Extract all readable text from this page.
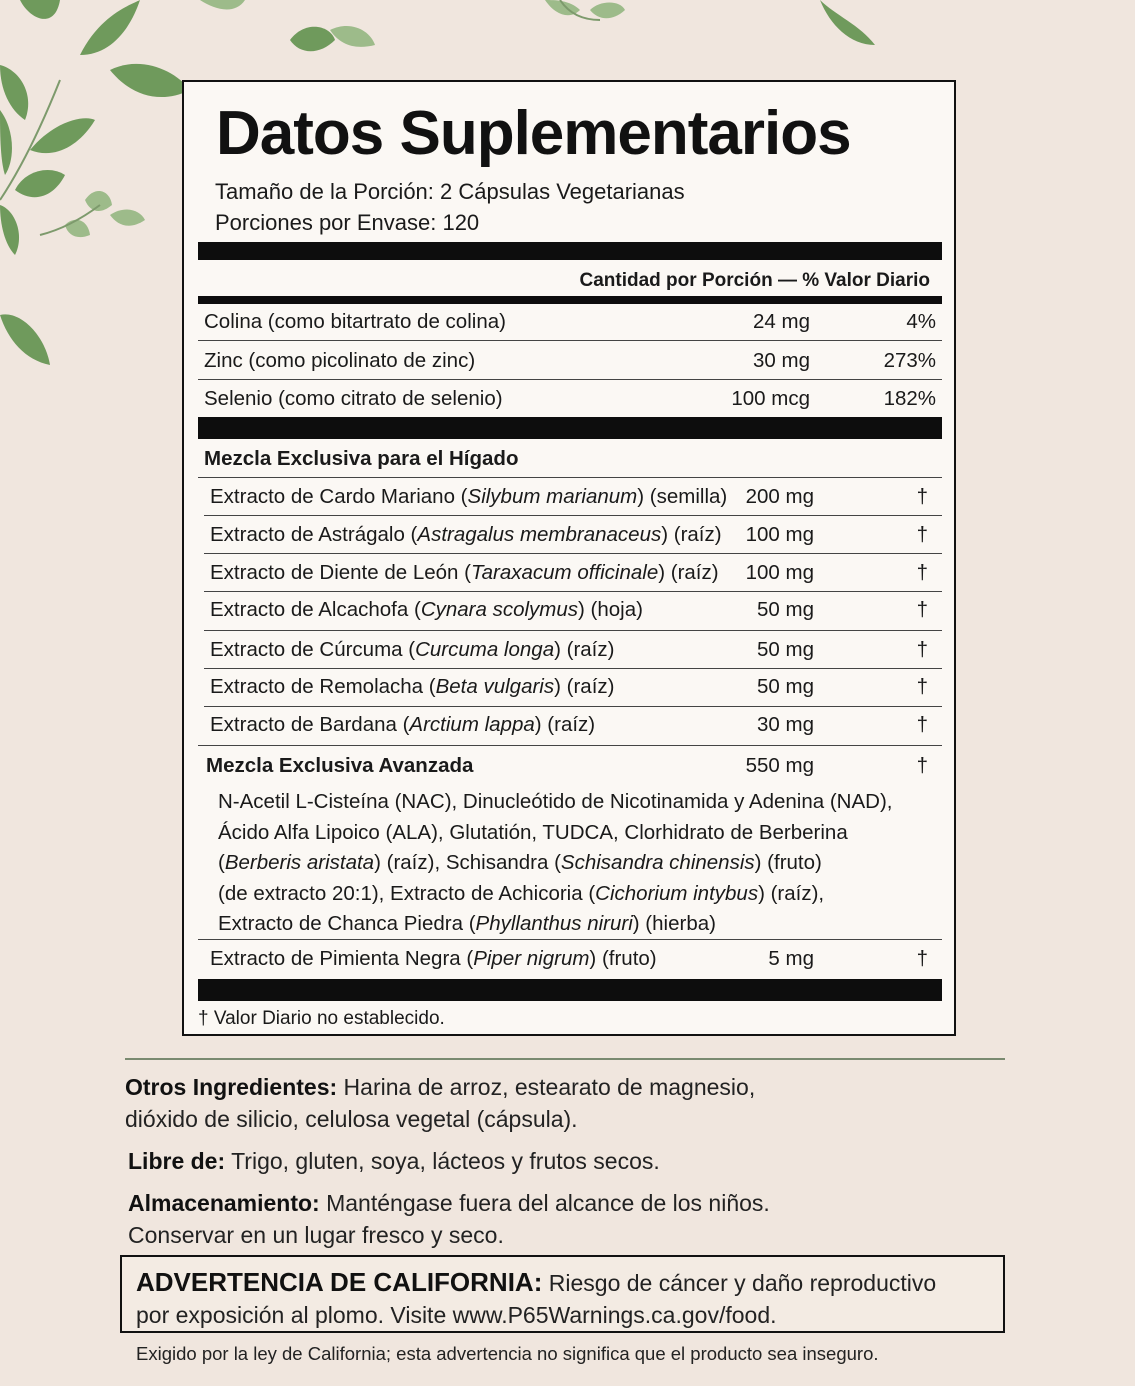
Datos Suplementarios
Tamaño de la Porción: 2 Cápsulas Vegetarianas
Porciones por Envase: 120
Cantidad por Porción — % Valor Diario
Colina (como bitartrato de colina)	24 mg	4%
Zinc (como picolinato de zinc)	30 mg	273%
Selenio (como citrato de selenio)	100 mcg	182%
Mezcla Exclusiva para el Hígado
Extracto de Cardo Mariano (Silybum marianum) (semilla) 200 mg	†
Extracto de Astrágalo (Astragalus membranaceus) (raíz) 100 mg	†
Extracto de Diente de León (Taraxacum officinale) (raíz) 100 mg	†
Extracto de Alcachofa (Cynara scolymus) (hoja)	50 mg	†
Extracto de Cúrcuma (Curcuma longa) (raíz)	50 mg	†
Extracto de Remolacha (Beta vulgaris) (raíz)	50 mg	†
Extracto de Bardana (Arctium lappa) (raíz)	30 mg	†
Mezcla Exclusiva Avanzada	550 mg	†
N-Acetil L-Cisteína (NAC), Dinucleótido de Nicotinamida y Adenina (NAD),
Ácido Alfa Lipoico (ALA), Glutatión, TUDCA, Clorhidrato de Berberina
(Berberis aristata) (raíz), Schisandra (Schisandra chinensis) (fruto)
(de extracto 20:1), Extracto de Achicoria (Cichorium intybus) (raíz),
Extracto de Chanca Piedra (Phyllanthus niruri) (hierba)
Extracto de Pimienta Negra (Piper nigrum) (fruto)	5 mg	†
† Valor Diario no establecido.
Otros Ingredientes: Harina de arroz, estearato de magnesio,
dióxido de silicio, celulosa vegetal (cápsula).
Libre de: Trigo, gluten, soya, lácteos y frutos secos.
Almacenamiento: Manténgase fuera del alcance de los niños.
Conservar en un lugar fresco y seco.
ADVERTENCIA DE CALIFORNIA: Riesgo de cáncer y daño reproductivo
por exposición al plomo. Visite www.P65Warnings.ca.gov/food.
Exigido por la ley de California; esta advertencia no significa que el producto sea inseguro.
